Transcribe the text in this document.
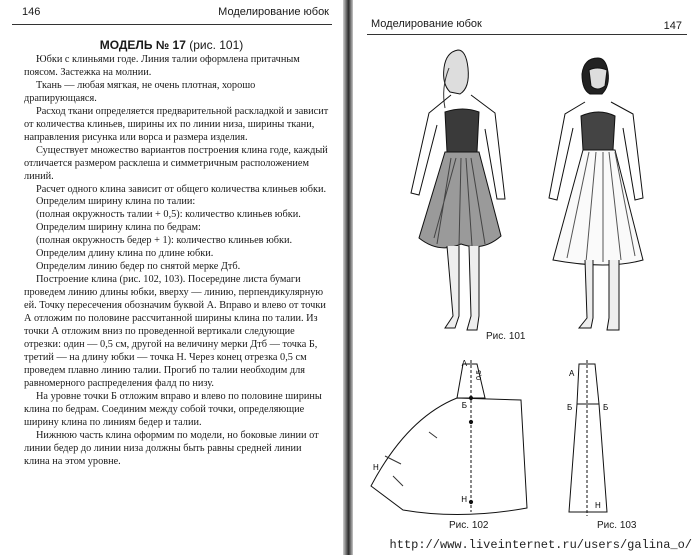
146	Моделирование юбок
МОДЕЛЬ № 17 (рис. 101)

Юбки с клиньями годе. Линия талии оформлена притачным поясом. Застежка на молнии.

Ткань — любая мягкая, не очень плотная, хорошо драпирующаяся.

Расход ткани определяется предварительной раскладкой и зависит от количества клиньев, ширины их по линии низа, ширины ткани, направления рисунка или ворса и размера изделия.

Существует множество вариантов построения клина годе, каждый отличается размером расклеша и симметричным расположением линий.

Расчет одного клина зависит от общего количества клиньев юбки.

Определим ширину клина по талии:

(полная окружность талии + 0,5): количество клиньев юбки.

Определим ширину клина по бедрам:

(полная окружность бедер + 1): количество клиньев юбки.

Определим длину клина по длине юбки.

Определим линию бедер по снятой мерке Дтб.

Построение клина (рис. 102, 103). Посередине листа бумаги проведем линию длины юбки, вверху — линию, перпендикулярную ей. Точку пересечения обозначим буквой А. Вправо и влево от точки А отложим по половине рассчитанной ширины клина по талии. Из точки А отложим вниз по проведенной вертикали следующие отрезки: один — 0,5 см, другой на величину мерки Дтб — точка Б, третий — на длину юбки — точка Н. Через конец отрезка 0,5 см проведем плавно линию талии. Прогиб по талии необходим для равномерного распределения фалд по низу.

На уровне точки Б отложим вправо и влево по половине ширины клина по бедрам. Соединим между собой точки, определяющие ширину клина по линиям бедер и талии.

Нижнюю часть клина оформим по модели, но боковые линии от линии бедер до линии низа должны быть равны средней линии клина на этом уровне.

Моделирование юбок	147
Рис. 101
А
Б
Н
Н
0,5
Рис. 102
А
Б	Б
Н
Рис. 103
http://www.liveinternet.ru/users/galina_o/
